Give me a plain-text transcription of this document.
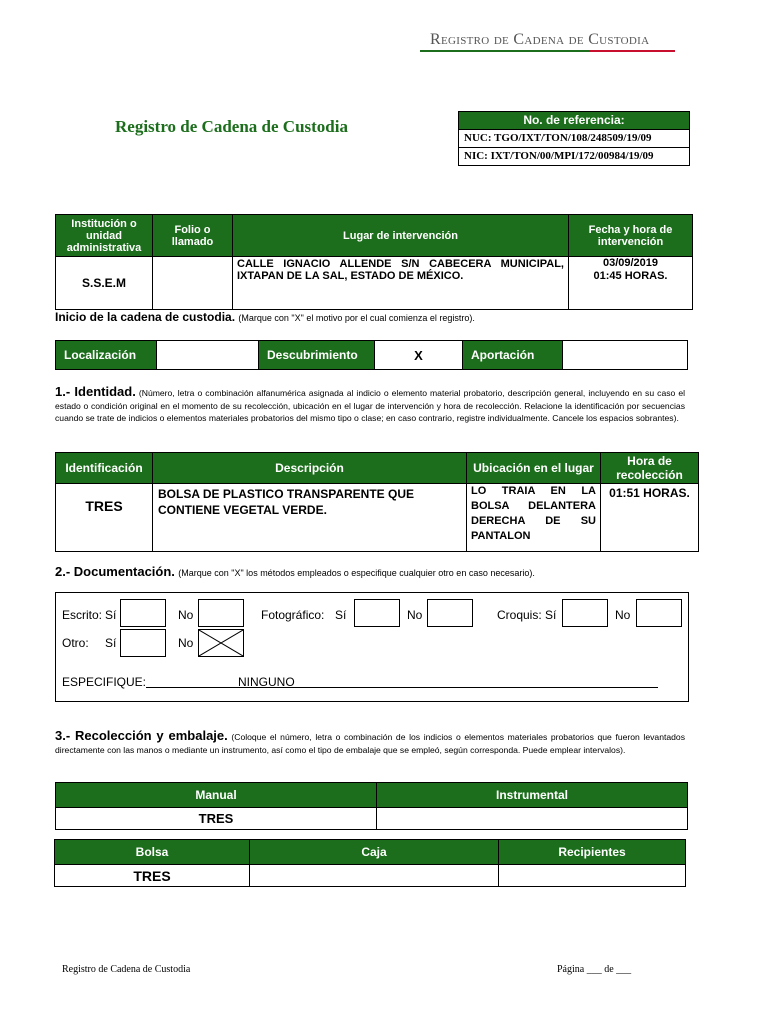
Registro de Cadena de Custodia
Registro de Cadena de Custodia	No. de referencia:
NUC: TGO/IXT/TON/108/248509/19/09
NIC: IXT/TON/00/MPI/172/00984/19/09
Institución o unidad administrativa	Folio o llamado	Lugar de intervención	Fecha y hora de intervención
S.S.E.M		CALLE IGNACIO ALLENDE S/N CABECERA MUNICIPAL, IXTAPAN DE LA SAL, ESTADO DE MÉXICO.	03/09/2019
01:45 HORAS.
Inicio de la cadena de custodia. (Marque con "X" el motivo por el cual comienza el registro).
Localización		Descubrimiento	X	Aportación	
1.- Identidad. (Número, letra o combinación alfanumérica asignada al indicio o elemento material probatorio, descripción general, incluyendo en su caso el estado o condición original en el momento de su recolección, ubicación en el lugar de intervención y hora de recolección. Relacione la identificación por secuencias cuando se trate de indicios o elementos materiales probatorios del mismo tipo o clase; en caso contrario, registre individualmente. Cancele los espacios sobrantes).
Identificación	Descripción	Ubicación en el lugar	Hora de recolección
TRES	BOLSA DE PLASTICO TRANSPARENTE QUE CONTIENE VEGETAL VERDE.	LO TRAIA EN LA BOLSA DELANTERA DERECHA DE SU PANTALON	01:51 HORAS.
2.- Documentación. (Marque con "X" los métodos empleados o especifique cualquier otro en caso necesario).
Escrito: Sí	No	Fotográfico: Sí	No	Croquis: Sí	No
Otro: Sí	No
ESPECIFIQUE:	NINGUNO
3.- Recolección y embalaje. (Coloque el número, letra o combinación de los indicios o elementos materiales probatorios que fueron levantados directamente con las manos o mediante un instrumento, así como el tipo de embalaje que se empleó, según corresponda. Puede emplear intervalos).
Manual	Instrumental
TRES	
Bolsa	Caja	Recipientes
TRES		
Registro de Cadena de Custodia	Página ___ de ___
